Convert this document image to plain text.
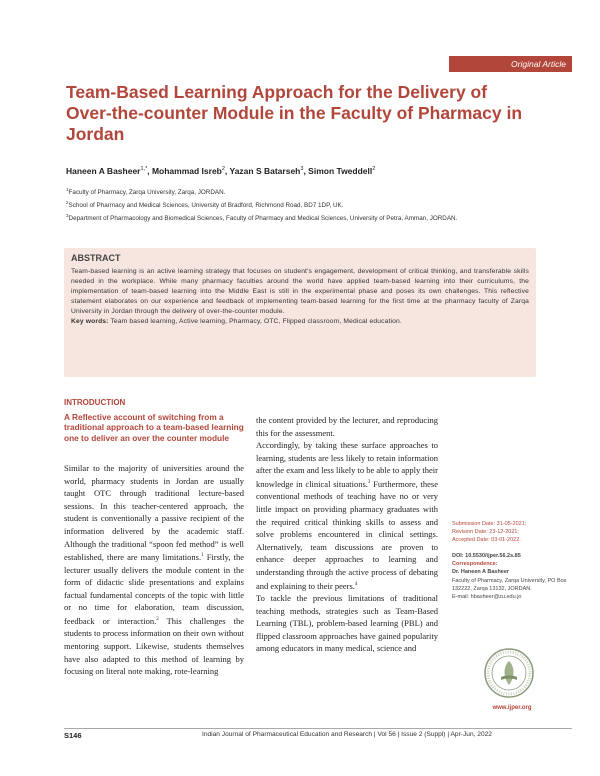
Original Article
Team-Based Learning Approach for the Delivery of Over-the-counter Module in the Faculty of Pharmacy in Jordan
Haneen A Basheer$^{1,*}$, Mohammad Isreb$^2$, Yazan S Batarseh$^3$, Simon Tweddell$^2$
$^1$Faculty of Pharmacy, Zarqa University, Zarqa, JORDAN.
$^2$School of Pharmacy and Medical Sciences, University of Bradford, Richmond Road, BD7 1DP, UK.
$^3$Department of Pharmacology and Biomedical Sciences, Faculty of Pharmacy and Medical Sciences, University of Petra, Amman, JORDAN.
ABSTRACT
Team-based learning is an active learning strategy that focuses on student's engagement, development of critical thinking, and transferable skills needed in the workplace. While many pharmacy faculties around the world have applied team-based learning into their curriculums, the implementation of team-based learning into the Middle East is still in the experimental phase and poses its own challenges. This reflective statement elaborates on our experience and feedback of implementing team-based learning for the first time at the pharmacy faculty of Zarqa University in Jordan through the delivery of over-the-counter module.
Key words: Team based learning, Active learning, Pharmacy, OTC, Flipped classroom, Medical education.
INTRODUCTION
A Reflective account of switching from a traditional approach to a team-based learning one to deliver an over the counter module

Similar to the majority of universities around the world, pharmacy students in Jordan are usually taught OTC through traditional lecture-based sessions. In this teacher-centered approach, the student is conventionally a passive recipient of the information delivered by the academic staff. Although the traditional “spoon fed method” is well established, there are many limitations.$^1$ Firstly, the lecturer usually delivers the module content in the form of didactic slide presentations and explains factual fundamental concepts of the topic with little or no time for elaboration, team discussion, feedback or interaction.$^2$ This challenges the students to process information on their own without mentoring support. Likewise, students themselves have also adapted to this method of learning by focusing on literal note making, rote-learning

the content provided by the lecturer, and reproducing this for the assessment.

Accordingly, by taking these surface approaches to learning, students are less likely to retain information after the exam and less likely to be able to apply their knowledge in clinical situations.$^3$ Furthermore, these conventional methods of teaching have no or very little impact on providing pharmacy graduates with the required critical thinking skills to assess and solve problems encountered in clinical settings. Alternatively, team discussions are proven to enhance deeper approaches to learning and understanding through the active process of debating and explaining to their peers.$^4$

To tackle the previous limitations of traditional teaching methods, strategies such as Team-Based Learning (TBL), problem-based learning (PBL) and flipped classroom approaches have gained popularity among educators in many medical, science and

Submission Date: 31-05-2021;
Revision Date: 23-12-2021;
Accepted Date: 03-01-2022.
DOI: 10.5530/ijper.56.2s.85
Correspondence:
Dr. Haneen A Basheer
Faculty of Pharmacy, Zarqa University, PO Box 132222, Zarqa 13132, JORDAN.
E-mail: hbasheer@zu.edu.jo
www.ijper.org
S146	Indian Journal of Pharmaceutical Education and Research | Vol 56 | Issue 2 (Suppl) | Apr-Jun, 2022
